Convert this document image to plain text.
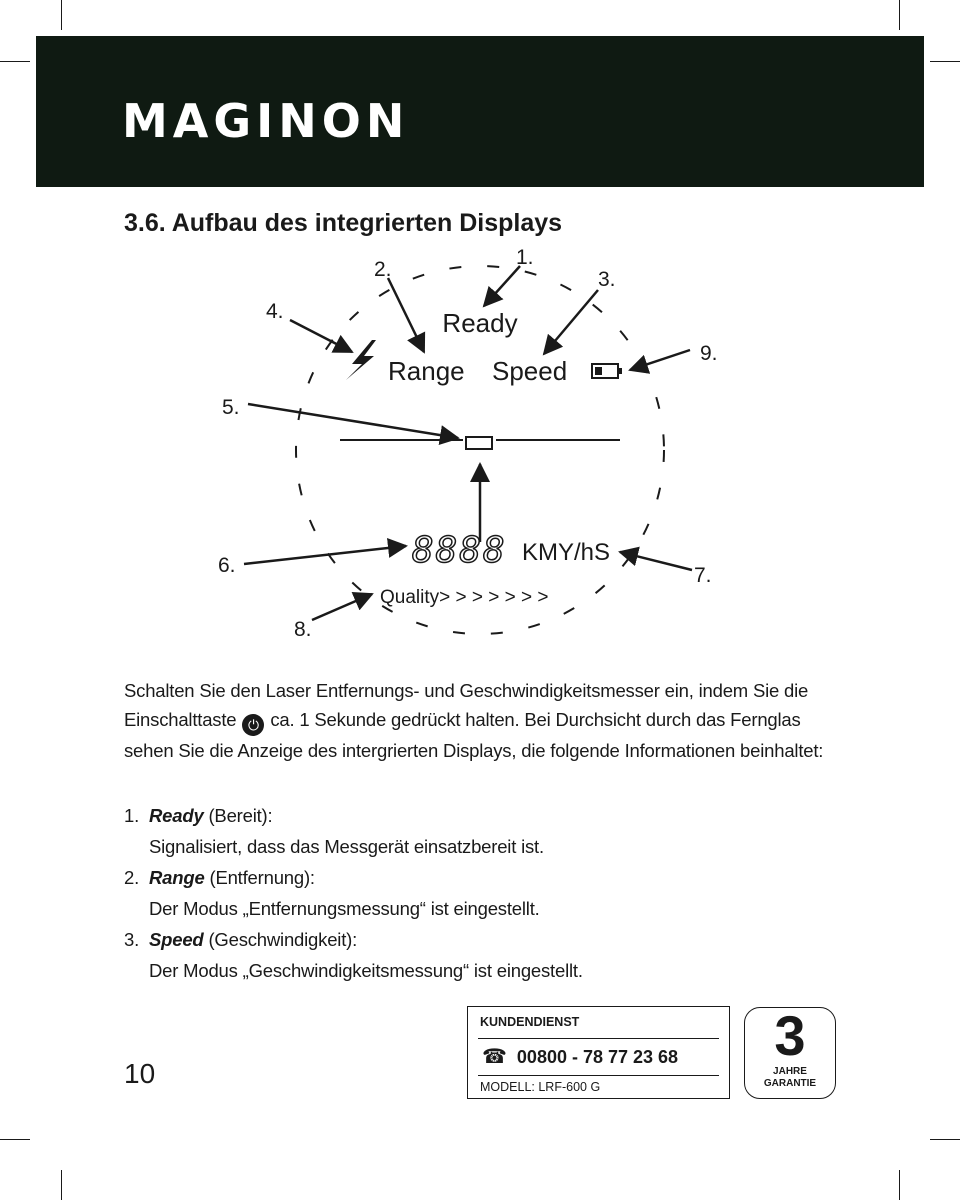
MAGINON
3.6. Aufbau des integrierten Displays
Ready
Range Speed
8888 KMY/hS
Quality> > > > > > >
1.
2.	3.
4.
5.
6.	7.
8.
9.

Schalten Sie den Laser Entfernungs- und Geschwindigkeitsmesser ein, indem Sie die Einschalttaste ⏻ ca. 1 Sekunde gedrückt halten. Bei Durchsicht durch das Fernglas sehen Sie die Anzeige des intergrierten Displays, die folgende Informationen beinhaltet:

1. Ready (Bereit):
Signalisiert, dass das Messgerät einsatzbereit ist.
2. Range (Entfernung):
Der Modus „Entfernungsmessung“ ist eingestellt.
3. Speed (Geschwindigkeit):
Der Modus „Geschwindigkeitsmessung“ ist eingestellt.

10

KUNDENDIENST
☎ 00800 - 78 77 23 68
MODELL: LRF-600 G
3
JAHRE
GARANTIE
